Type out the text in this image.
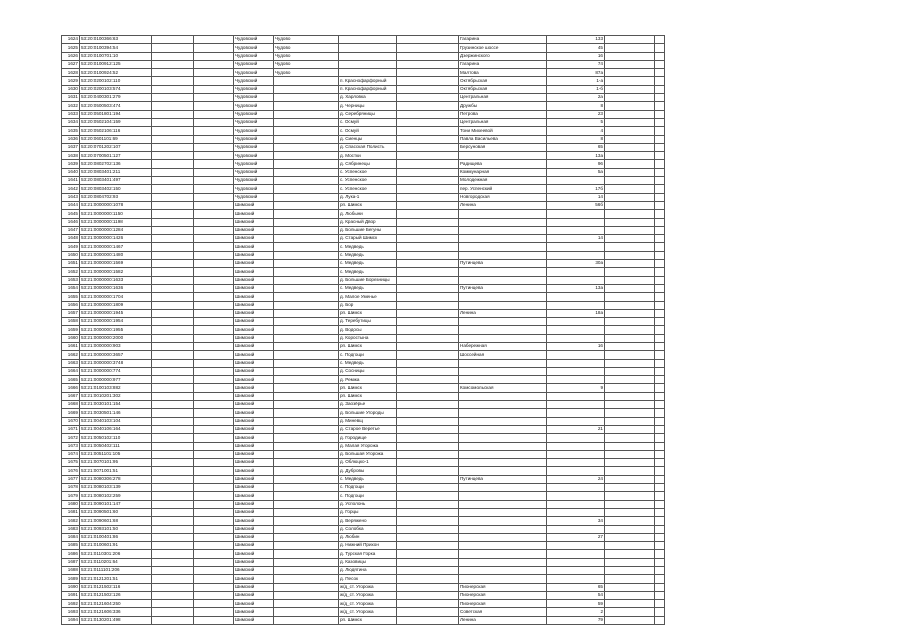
1624	53:20:0100366:63			Чудовский	Чудово			Гагарина	133		
1625	53:20:0100394:54			Чудовский	Чудово			Грузинское шоссе	45		
1626	53:20:0100701:10			Чудовский	Чудово			Дзержинского	16		
1627	53:20:0100912:125			Чудовский	Чудово			Гагарина	74		
1628	53:20:0100924:52			Чудовский	Чудово			Малтова	87а		
1629	53:20:0200102:110			Чудовский		п. Краснофарфорный		Октябрьская	1-а		
1630	53:20:0200103:574			Чудовский		п. Краснофарфорный		Октябрьская	1-б		
1631	53:20:0400301:279			Чудовский		д. Харловка		Центральная	2а		
1632	53:20:0500503:474			Чудовский		д. Черницы		Дружбы	8		
1633	53:20:0501801:194			Чудовский		д. Серебряницы		Петрова	23		
1634	53:20:0502104:159			Чудовский		с. Осмуй		Центральная	5		
1635	53:20:0502106:116			Чудовский		с. Осмуй		Тони Михеевой	4		
1636	53:20:0601101:69			Чудовский		д. Сиенцы		Павла Васильева	8		
1637	53:20:0701202:107			Чудовский		д. Спасская Полисть		Берсуновая	65		
1638	53:20:0700501:127			Чудовский		д. Мостки			13а		
1639	53:20:0802702:136			Чудовский		д. Сябринецы		Радищева	96		
1640	53:20:0803401:211			Чудовский		с. Успенское		Коммунарная	5а		
1641	53:20:0803401:497			Чудовский		с. Успенское		Молодежная			
1642	53:20:0803402:150			Чудовский		с. Успенское		пер. Успенский	17б		
1643	53:20:0804702:93			Чудовский		д. Лука-1		Новгородская	14		
1644	53:21:0000000:1078			Шимский		рп. Шимск		Ленина	56б		
1645	53:21:0000000:1150			Шимский		д. Любыни					
1646	53:21:0000000:1198			Шимский		д. Красный Двор					
1647	53:21:0000000:1284			Шимский		д. Большие Бегуны					
1648	53:21:0000000:1426			Шимский		д. Старый Шимск			14		
1649	53:21:0000000:1467			Шимский		с. Медведь					
1650	53:21:0000000:1480			Шимский		с. Медведь					
1651	53:21:0000000:1569			Шимский		с. Медведь		Путинцева	30а		
1652	53:21:0000000:1582			Шимский		с. Медведь					
1653	53:21:0000000:1633			Шимский		д. Большие Борезницы					
1654	53:21:0000000:1636			Шимский		с. Медведь		Путинцева	13а		
1655	53:21:0000000:1704			Шимский		д. Малое Уменье					
1656	53:21:0000000:1809			Шимский		д. Бор					
1657	53:21:0000000:1945			Шимский		рп. Шимск		Ленина	18а		
1658	53:21:0000000:1954			Шимский		д. Теребутицы					
1659	53:21:0000000:1955			Шимский		д. Водосы					
1660	53:21:0000000:2000			Шимский		д. Коростына					
1661	53:21:0000000:903			Шимский		рп. Шимск		Набережная	16		
1662	53:21:0000000:3657			Шимский		с. Подгощи		Шоссейная			
1663	53:21:0000000:3748			Шимский		с. Медведь					
1664	53:21:0000000:774			Шимский		д. Сосницы					
1665	53:21:0000000:977			Шимский		д. Ремжа					
1666	53:21:0100103:882			Шимский		рп. Шимск		Комсомольская	9		
1667	53:21:0010201:302			Шимский		рп. Шимск					
1668	53:21:0030101:154			Шимский		д. Заозёрье					
1669	53:21:0030501:146			Шимский		д. Большие Угороды					
1670	53:21:0040103:104			Шимский		д. Миневщ					
1671	53:21:0040106:164			Шимский		д. Старое Веретье			21		
1672	53:21:0050102:110			Шимский		д. Городище					
1673	53:21:0050402:111			Шимский		д. Малая Угорожа					
1674	53:21:0051101:105			Шимский		д. Большая Угорожа					
1675	53:21:0070101:95			Шимский		д. Облюцко-1					
1676	53:21:0071001:51			Шимский		д. Дубровы					
1677	53:21:0080306:278			Шимский		с. Медведь		Путинцева	24		
1678	53:21:0080103:139			Шимский		с. Подгощи					
1679	53:21:0080102:259			Шимский		с. Подгощи					
1680	53:21:0090101:147			Шимский		д. Усполонь					
1681	53:21:0090501:60			Шимский		д. Горцы					
1682	53:21:0090601:68			Шимский		д. Веряжено			34		
1683	53:21:0093101:50			Шимский		д. Солобка					
1684	53:21:0100401:86			Шимский		д. Любин			27		
1685	53:21:0100601:91			Шимский		д. Нижний Прихон					
1686	53:21:0110301:206			Шимский		д. Турская Горка					
1687	53:21:0110201:64			Шимский		д. Казовицы					
1688	53:21:0111101:206			Шимский		д. Людятина					
1689	53:21:0121201:51			Шимский		д. Песок					
1690	53:21:0121502:116			Шимский		ж/д_ст. Угорожа		Пионерская	65		
1691	53:21:0121502:126			Шимский		ж/д_ст. Угорожа		Пионерская	54		
1692	53:21:0121604:250			Шимский		ж/д_ст. Угорожа		Пионерская	59		
1693	53:21:0121606:336			Шимский		ж/д_ст. Угорожа		Советская	2		
1694	53:21:0130201:498			Шимский		рп. Шимск		Ленина	79		
